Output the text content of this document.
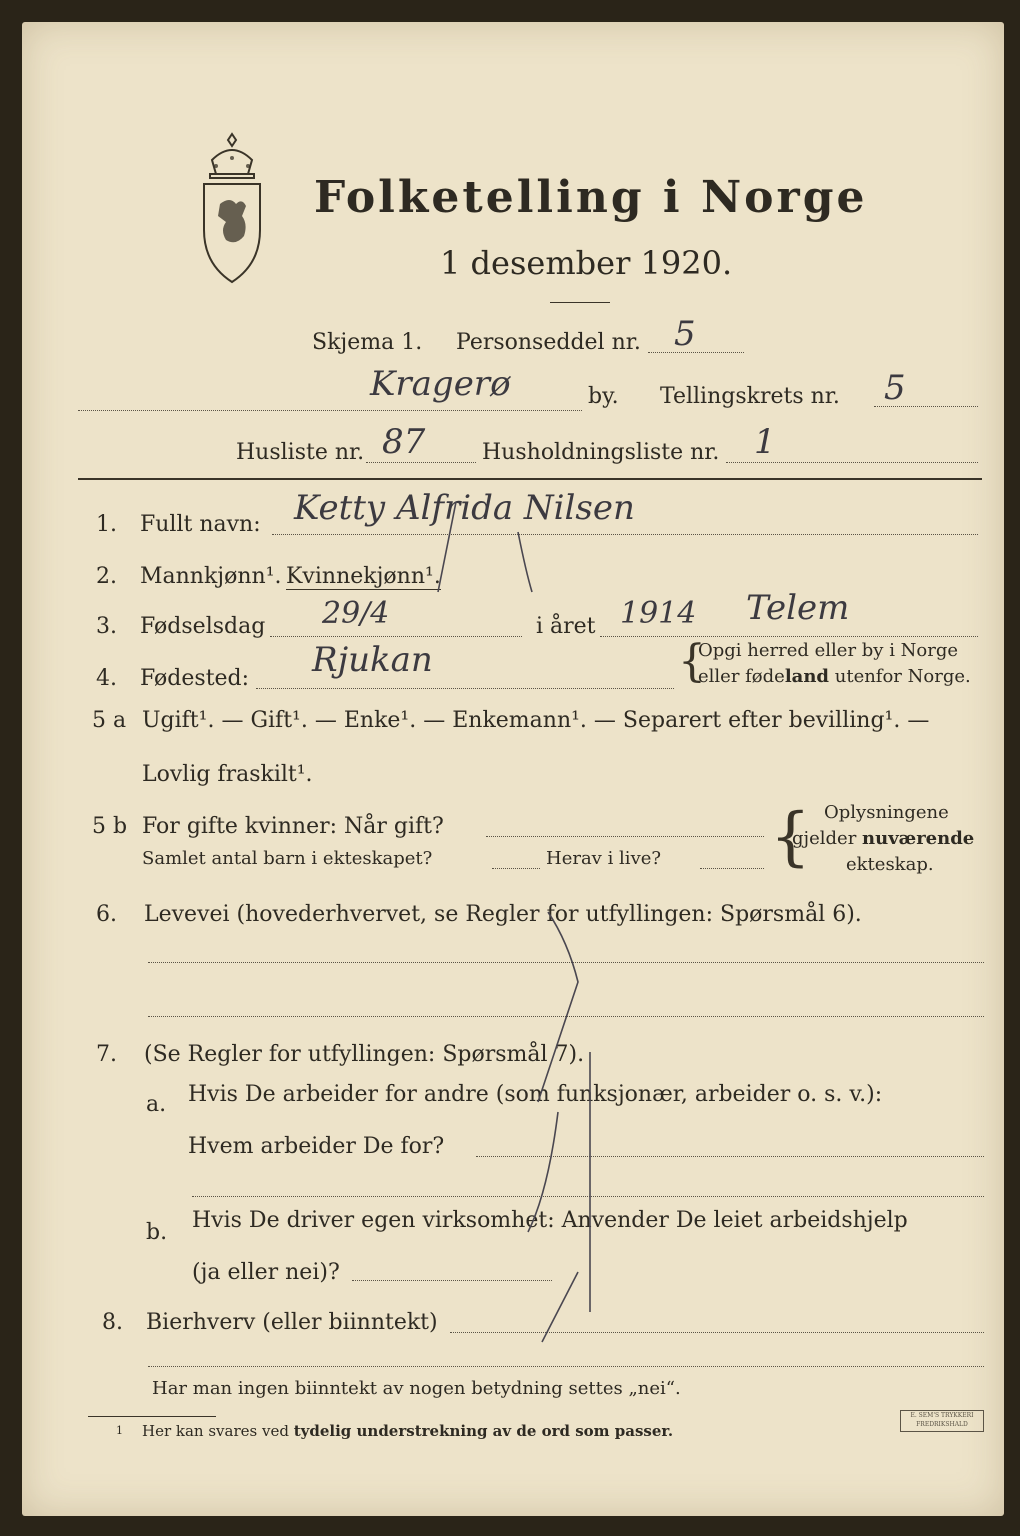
Folketelling i Norge
1 desember 1920.
Skjema 1. Personseddel nr. 5
Kragerø	by. Tellingskrets nr. 5
Husliste nr. 87	Husholdningsliste nr. 1
1. Fullt navn: Ketty Alfrida Nilsen
2. Mannkjønn¹. Kvinnekjønn¹.
3. Fødselsdag 29/4	i året 1914 Telem
4. Fødested: Rjukan	{
Opgi herred eller by i Norge
eller fødeland utenfor Norge.
5 a Ugift¹. — Gift¹. — Enke¹. — Enkemann¹. — Separert efter bevilling¹. —
Lovlig fraskilt¹.
5 b For gifte kvinner: Når gift?
Samlet antal barn i ekteskapet?	Herav i live? { Oplysningene
gjelder nuværende
ekteskap.
6. Levevei (hovederhvervet, se Regler for utfyllingen: Spørsmål 6).
7. (Se Regler for utfyllingen: Spørsmål 7).
a. Hvis De arbeider for andre (som funksjonær, arbeider o. s. v.):
Hvem arbeider De for?
b. Hvis De driver egen virksomhet: Anvender De leiet arbeidshjelp
(ja eller nei)?
8. Bierhverv (eller biinntekt)
Har man ingen biinntekt av nogen betydning settes „nei“.
1 Her kan svares ved tydelig understrekning av de ord som passer.
E. SEM'S TRYKKERI
FREDRIKSHALD
